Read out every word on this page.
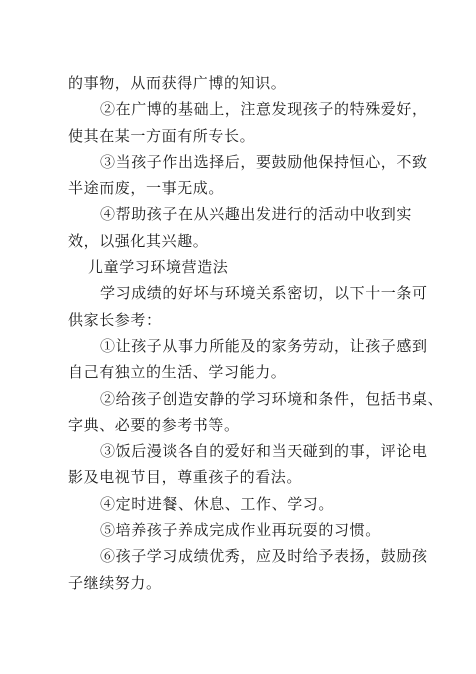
的事物，从而获得广博的知识。
②在广博的基础上，注意发现孩子的特殊爱好，
使其在某一方面有所专长。
③当孩子作出选择后，要鼓励他保持恒心，不致
半途而废，一事无成。
④帮助孩子在从兴趣出发进行的活动中收到实
效，以强化其兴趣。
儿童学习环境营造法
学习成绩的好坏与环境关系密切，以下十一条可
供家长参考：
①让孩子从事力所能及的家务劳动，让孩子感到
自己有独立的生活、学习能力。
②给孩子创造安静的学习环境和条件，包括书桌、
字典、必要的参考书等。
③饭后漫谈各自的爱好和当天碰到的事，评论电
影及电视节目，尊重孩子的看法。
④定时进餐、休息、工作、学习。
⑤培养孩子养成完成作业再玩耍的习惯。
⑥孩子学习成绩优秀，应及时给予表扬，鼓励孩
子继续努力。
